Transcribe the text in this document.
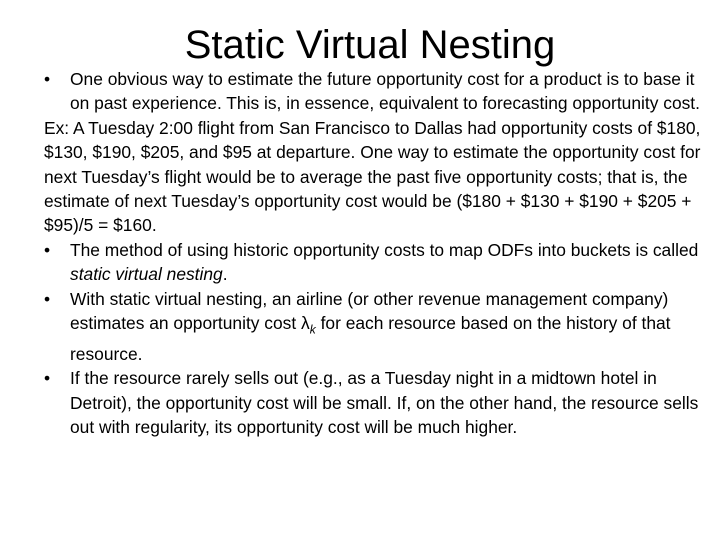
Static Virtual Nesting
•	One obvious way to estimate the future opportunity cost for a product is to base it on past experience. This is, in essence, equivalent to forecasting opportunity cost.
Ex: A Tuesday 2:00 flight from San Francisco to Dallas had opportunity costs of $180, $130, $190, $205, and $95 at departure. One way to estimate the opportunity cost for next Tuesday’s flight would be to average the past five opportunity costs; that is, the estimate of next Tuesday’s opportunity cost would be ($180 + $130 + $190 + $205 + $95)/5 = $160.
•	The method of using historic opportunity costs to map ODFs into buckets is called static virtual nesting.
•	With static virtual nesting, an airline (or other revenue management company) estimates an opportunity cost $\lambda_k$ for each resource based on the history of that resource.
•	If the resource rarely sells out (e.g., as a Tuesday night in a midtown hotel in Detroit), the opportunity cost will be small. If, on the other hand, the resource sells out with regularity, its opportunity cost will be much higher.
